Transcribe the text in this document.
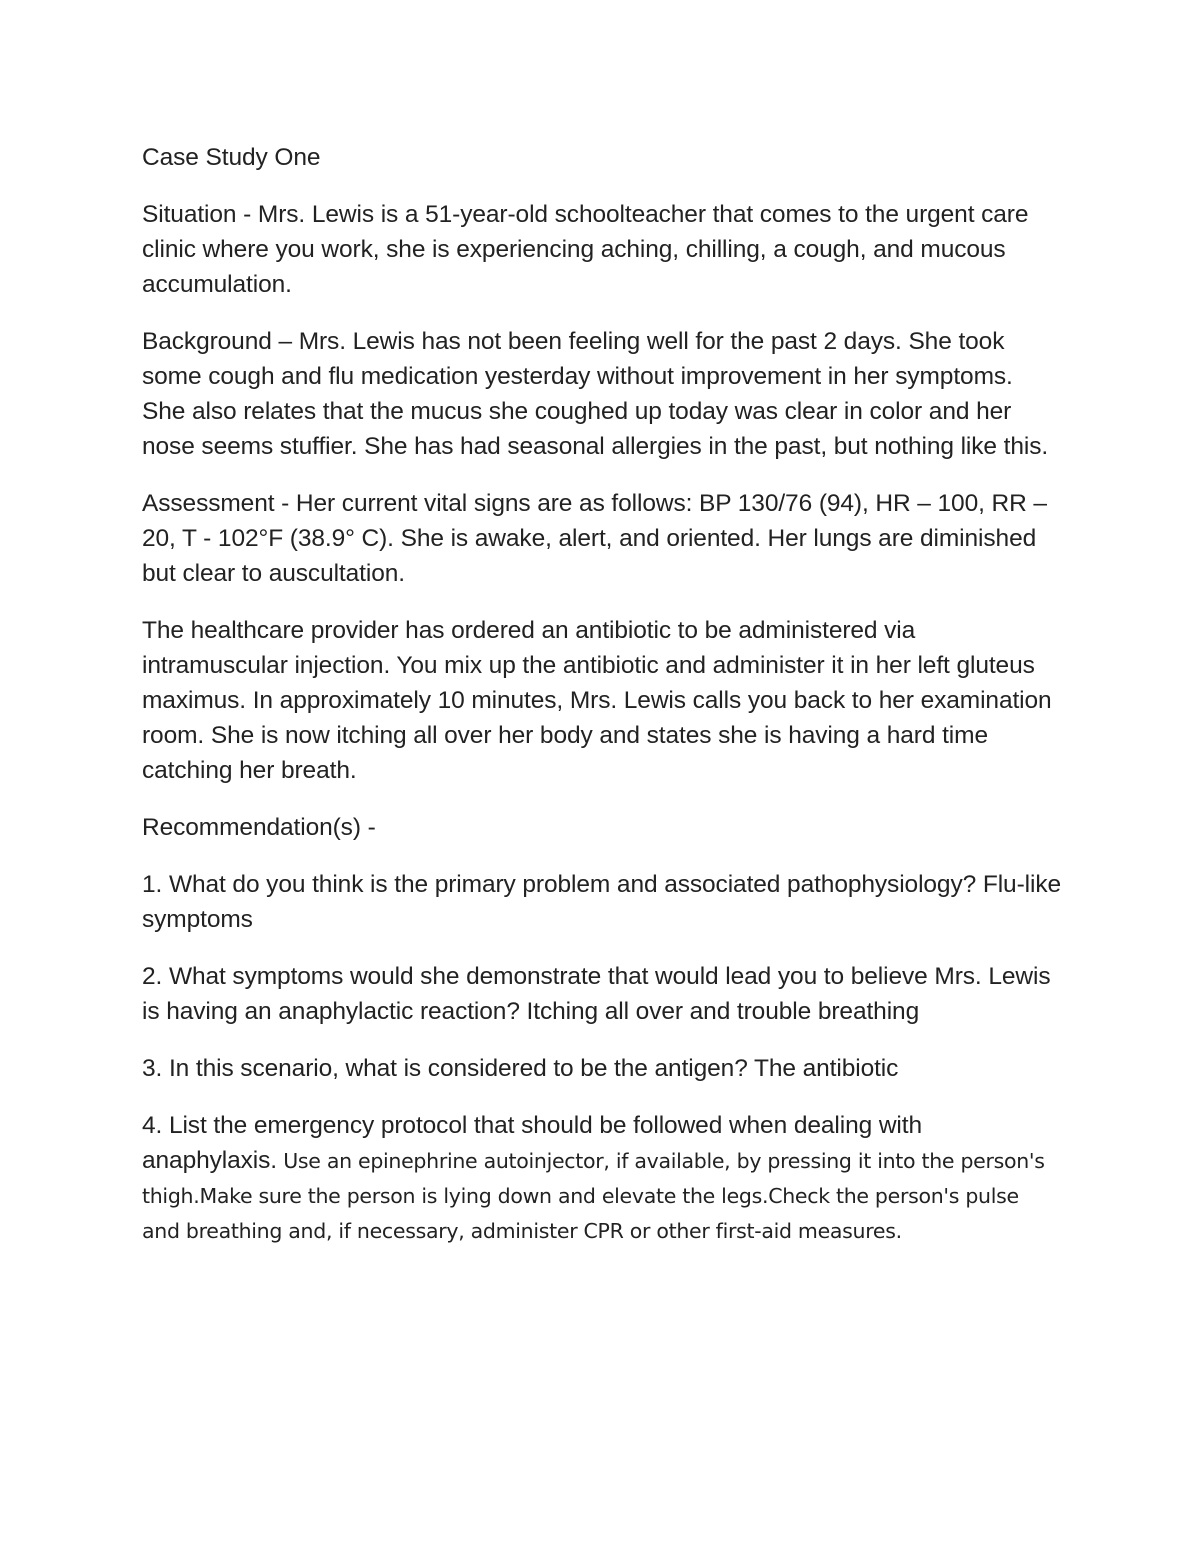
Case Study One

Situation - Mrs. Lewis is a 51-year-old schoolteacher that comes to the urgent care clinic where you work, she is experiencing aching, chilling, a cough, and mucous accumulation.

Background – Mrs. Lewis has not been feeling well for the past 2 days. She took some cough and flu medication yesterday without improvement in her symptoms. She also relates that the mucus she coughed up today was clear in color and her nose seems stuffier. She has had seasonal allergies in the past, but nothing like this.

Assessment - Her current vital signs are as follows: BP 130/76 (94), HR – 100, RR – 20, T - 102°F (38.9° C). She is awake, alert, and oriented. Her lungs are diminished but clear to auscultation.

The healthcare provider has ordered an antibiotic to be administered via intramuscular injection. You mix up the antibiotic and administer it in her left gluteus maximus. In approximately 10 minutes, Mrs. Lewis calls you back to her examination room. She is now itching all over her body and states she is having a hard time catching her breath.

Recommendation(s) -

1. What do you think is the primary problem and associated pathophysiology? Flu-like symptoms

2. What symptoms would she demonstrate that would lead you to believe Mrs. Lewis is having an anaphylactic reaction? Itching all over and trouble breathing

3. In this scenario, what is considered to be the antigen? The antibiotic

4. List the emergency protocol that should be followed when dealing with anaphylaxis. Use an epinephrine autoinjector, if available, by pressing it into the person's thigh.Make sure the person is lying down and elevate the legs.Check the person's pulse and breathing and, if necessary, administer CPR or other first-aid measures.
